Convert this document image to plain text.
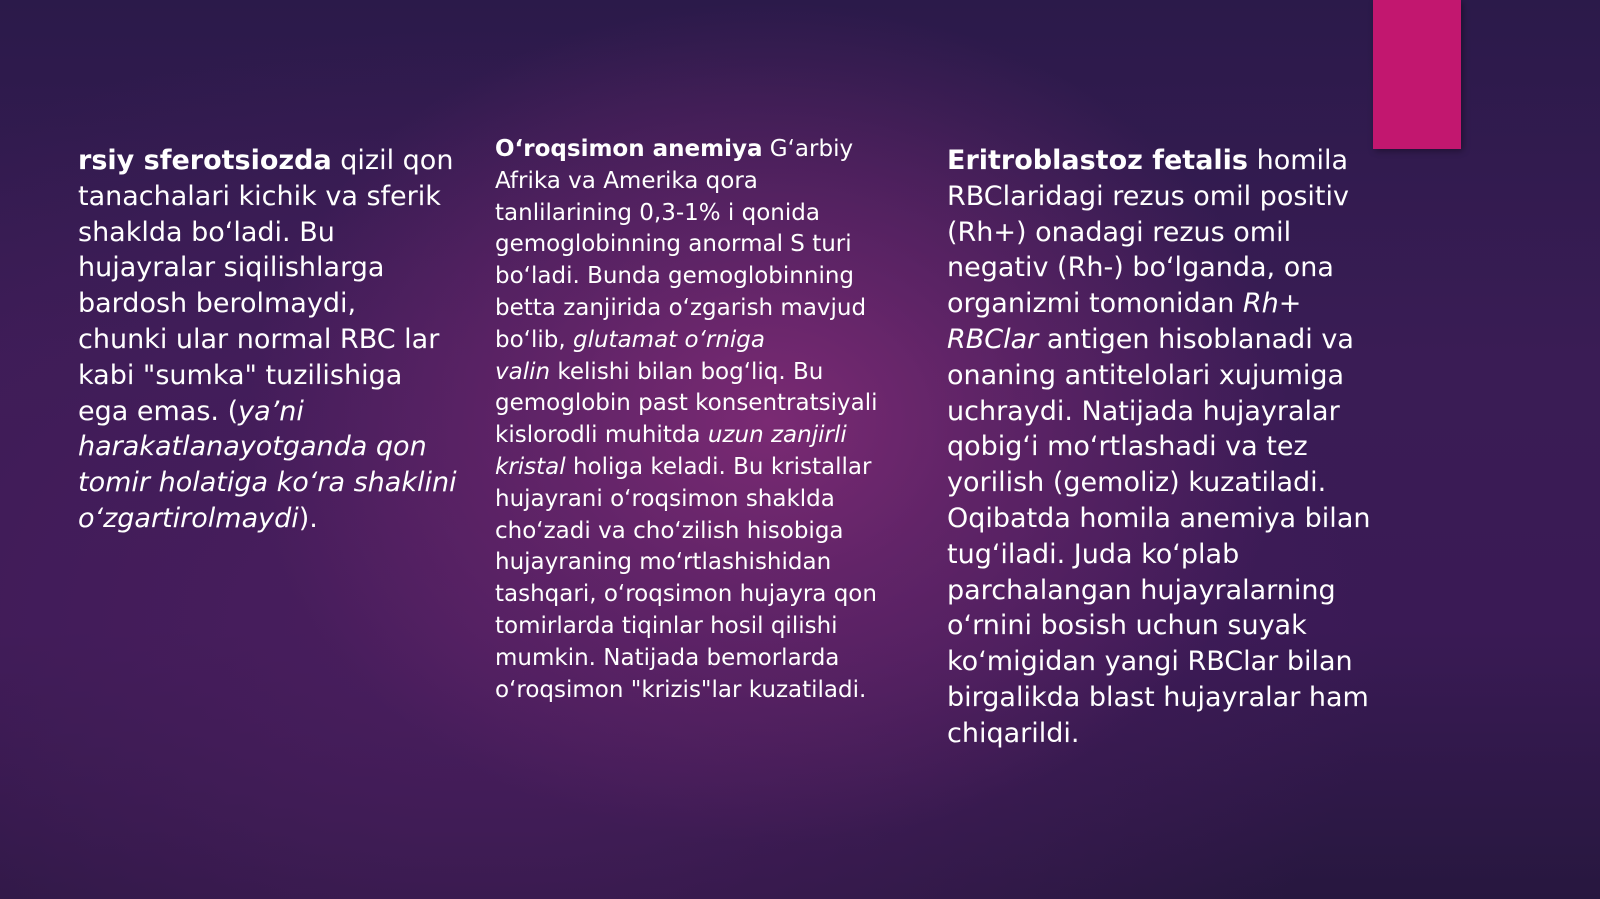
rsiy sferotsiozda qizil qon
tanachalari kichik va sferik
shaklda bo‘ladi. Bu
hujayralar siqilishlarga
bardosh berolmaydi,
chunki ular normal RBC lar
kabi "sumka" tuzilishiga
ega emas. (ya’ni
harakatlanayotganda qon
tomir holatiga ko‘ra shaklini
o‘zgartirolmaydi).
O‘roqsimon anemiya G‘arbiy
Afrika va Amerika qora
tanlilarining 0,3-1% i qonida
gemoglobinning anormal S turi
bo‘ladi. Bunda gemoglobinning
betta zanjirida o‘zgarish mavjud
bo‘lib, glutamat o‘rniga
valin kelishi bilan bog‘liq. Bu
gemoglobin past konsentratsiyali
kislorodli muhitda uzun zanjirli
kristal holiga keladi. Bu kristallar
hujayrani o‘roqsimon shaklda
cho‘zadi va cho‘zilish hisobiga
hujayraning mo‘rtlashishidan
tashqari, o‘roqsimon hujayra qon
tomirlarda tiqinlar hosil qilishi
mumkin. Natijada bemorlarda
o‘roqsimon "krizis"lar kuzatiladi.
Eritroblastoz fetalis homila
RBClaridagi rezus omil positiv
(Rh+) onadagi rezus omil
negativ (Rh-) bo‘lganda, ona
organizmi tomonidan Rh+
RBClar antigen hisoblanadi va
onaning antitelolari xujumiga
uchraydi. Natijada hujayralar
qobig‘i mo‘rtlashadi va tez
yorilish (gemoliz) kuzatiladi.
Oqibatda homila anemiya bilan
tug‘iladi. Juda ko‘plab
parchalangan hujayralarning
o‘rnini bosish uchun suyak
ko‘migidan yangi RBClar bilan
birgalikda blast hujayralar ham
chiqarildi.
